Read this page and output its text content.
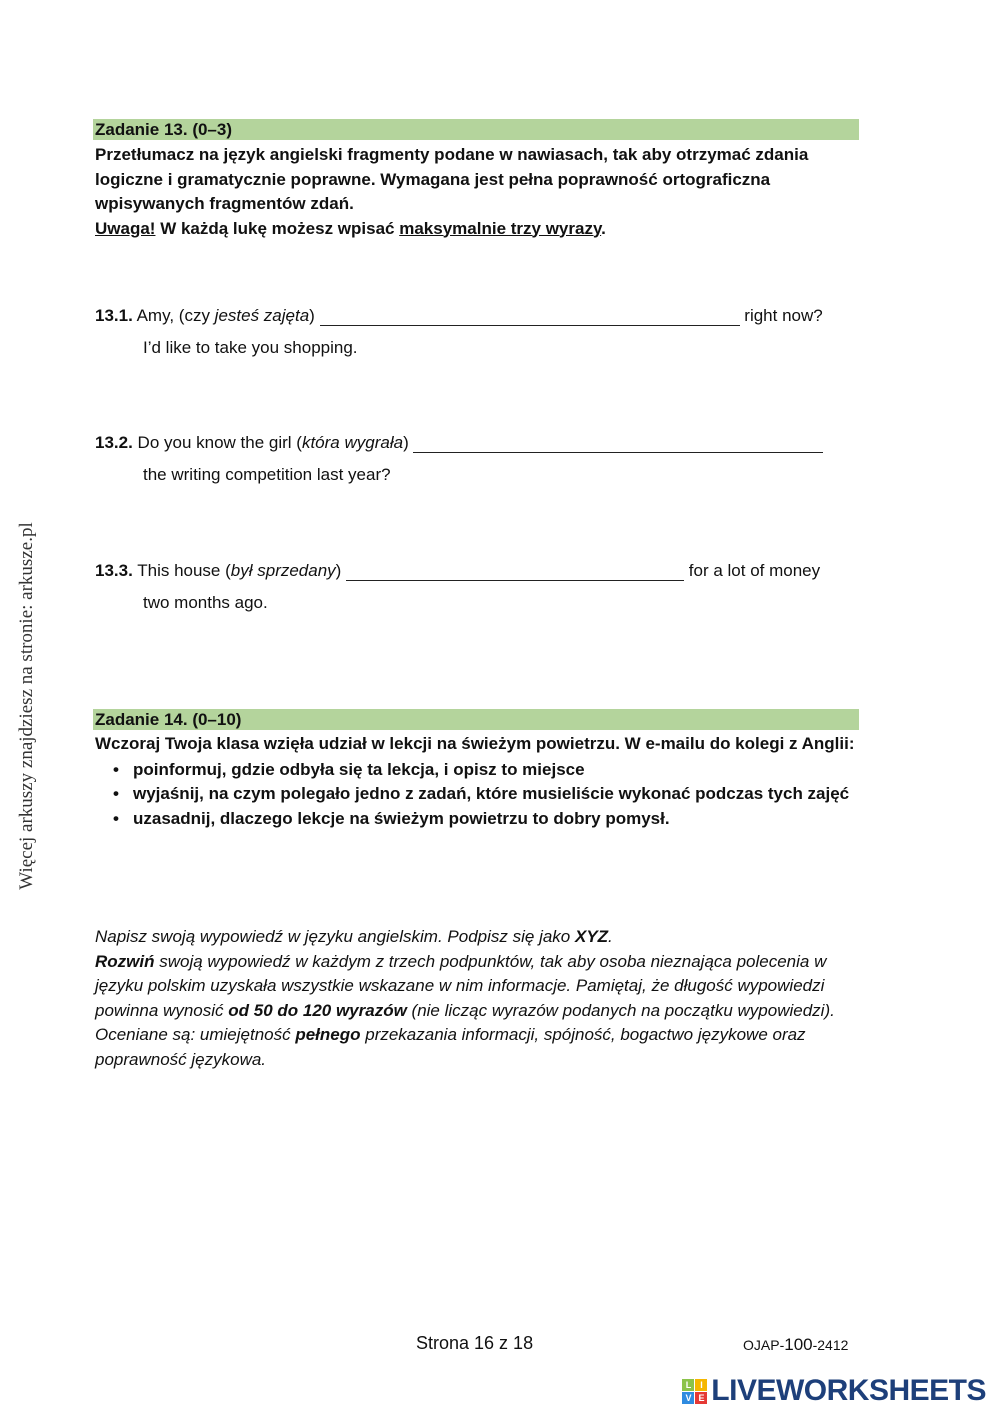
Więcej arkuszy znajdziesz na stronie: arkusze.pl
Zadanie 13. (0–3)
Przetłumacz na język angielski fragmenty podane w nawiasach, tak aby otrzymać zdania logiczne i gramatycznie poprawne. Wymagana jest pełna poprawność ortograficzna wpisywanych fragmentów zdań.
Uwaga! W każdą lukę możesz wpisać maksymalnie trzy wyrazy.
13.1. Amy, (czy jesteś zajęta)	right now?
I’d like to take you shopping.
13.2. Do you know the girl (która wygrała)
the writing competition last year?
13.3. This house (był sprzedany)	for a lot of money
two months ago.
Zadanie 14. (0–10)
Wczoraj Twoja klasa wzięła udział w lekcji na świeżym powietrzu. W e-mailu do kolegi z Anglii:
• poinformuj, gdzie odbyła się ta lekcja, i opisz to miejsce
• wyjaśnij, na czym polegało jedno z zadań, które musieliście wykonać podczas tych zajęć
• uzasadnij, dlaczego lekcje na świeżym powietrzu to dobry pomysł.
Napisz swoją wypowiedź w języku angielskim. Podpisz się jako XYZ.
Rozwiń swoją wypowiedź w każdym z trzech podpunktów, tak aby osoba nieznająca polecenia w języku polskim uzyskała wszystkie wskazane w nim informacje. Pamiętaj, że długość wypowiedzi powinna wynosić od 50 do 120 wyrazów (nie licząc wyrazów podanych na początku wypowiedzi). Oceniane są: umiejętność pełnego przekazania informacji, spójność, bogactwo językowe oraz poprawność językowa.
Strona 16 z 18	OJAP-100-2412
L	I
V E LIVEWORKSHEETS
